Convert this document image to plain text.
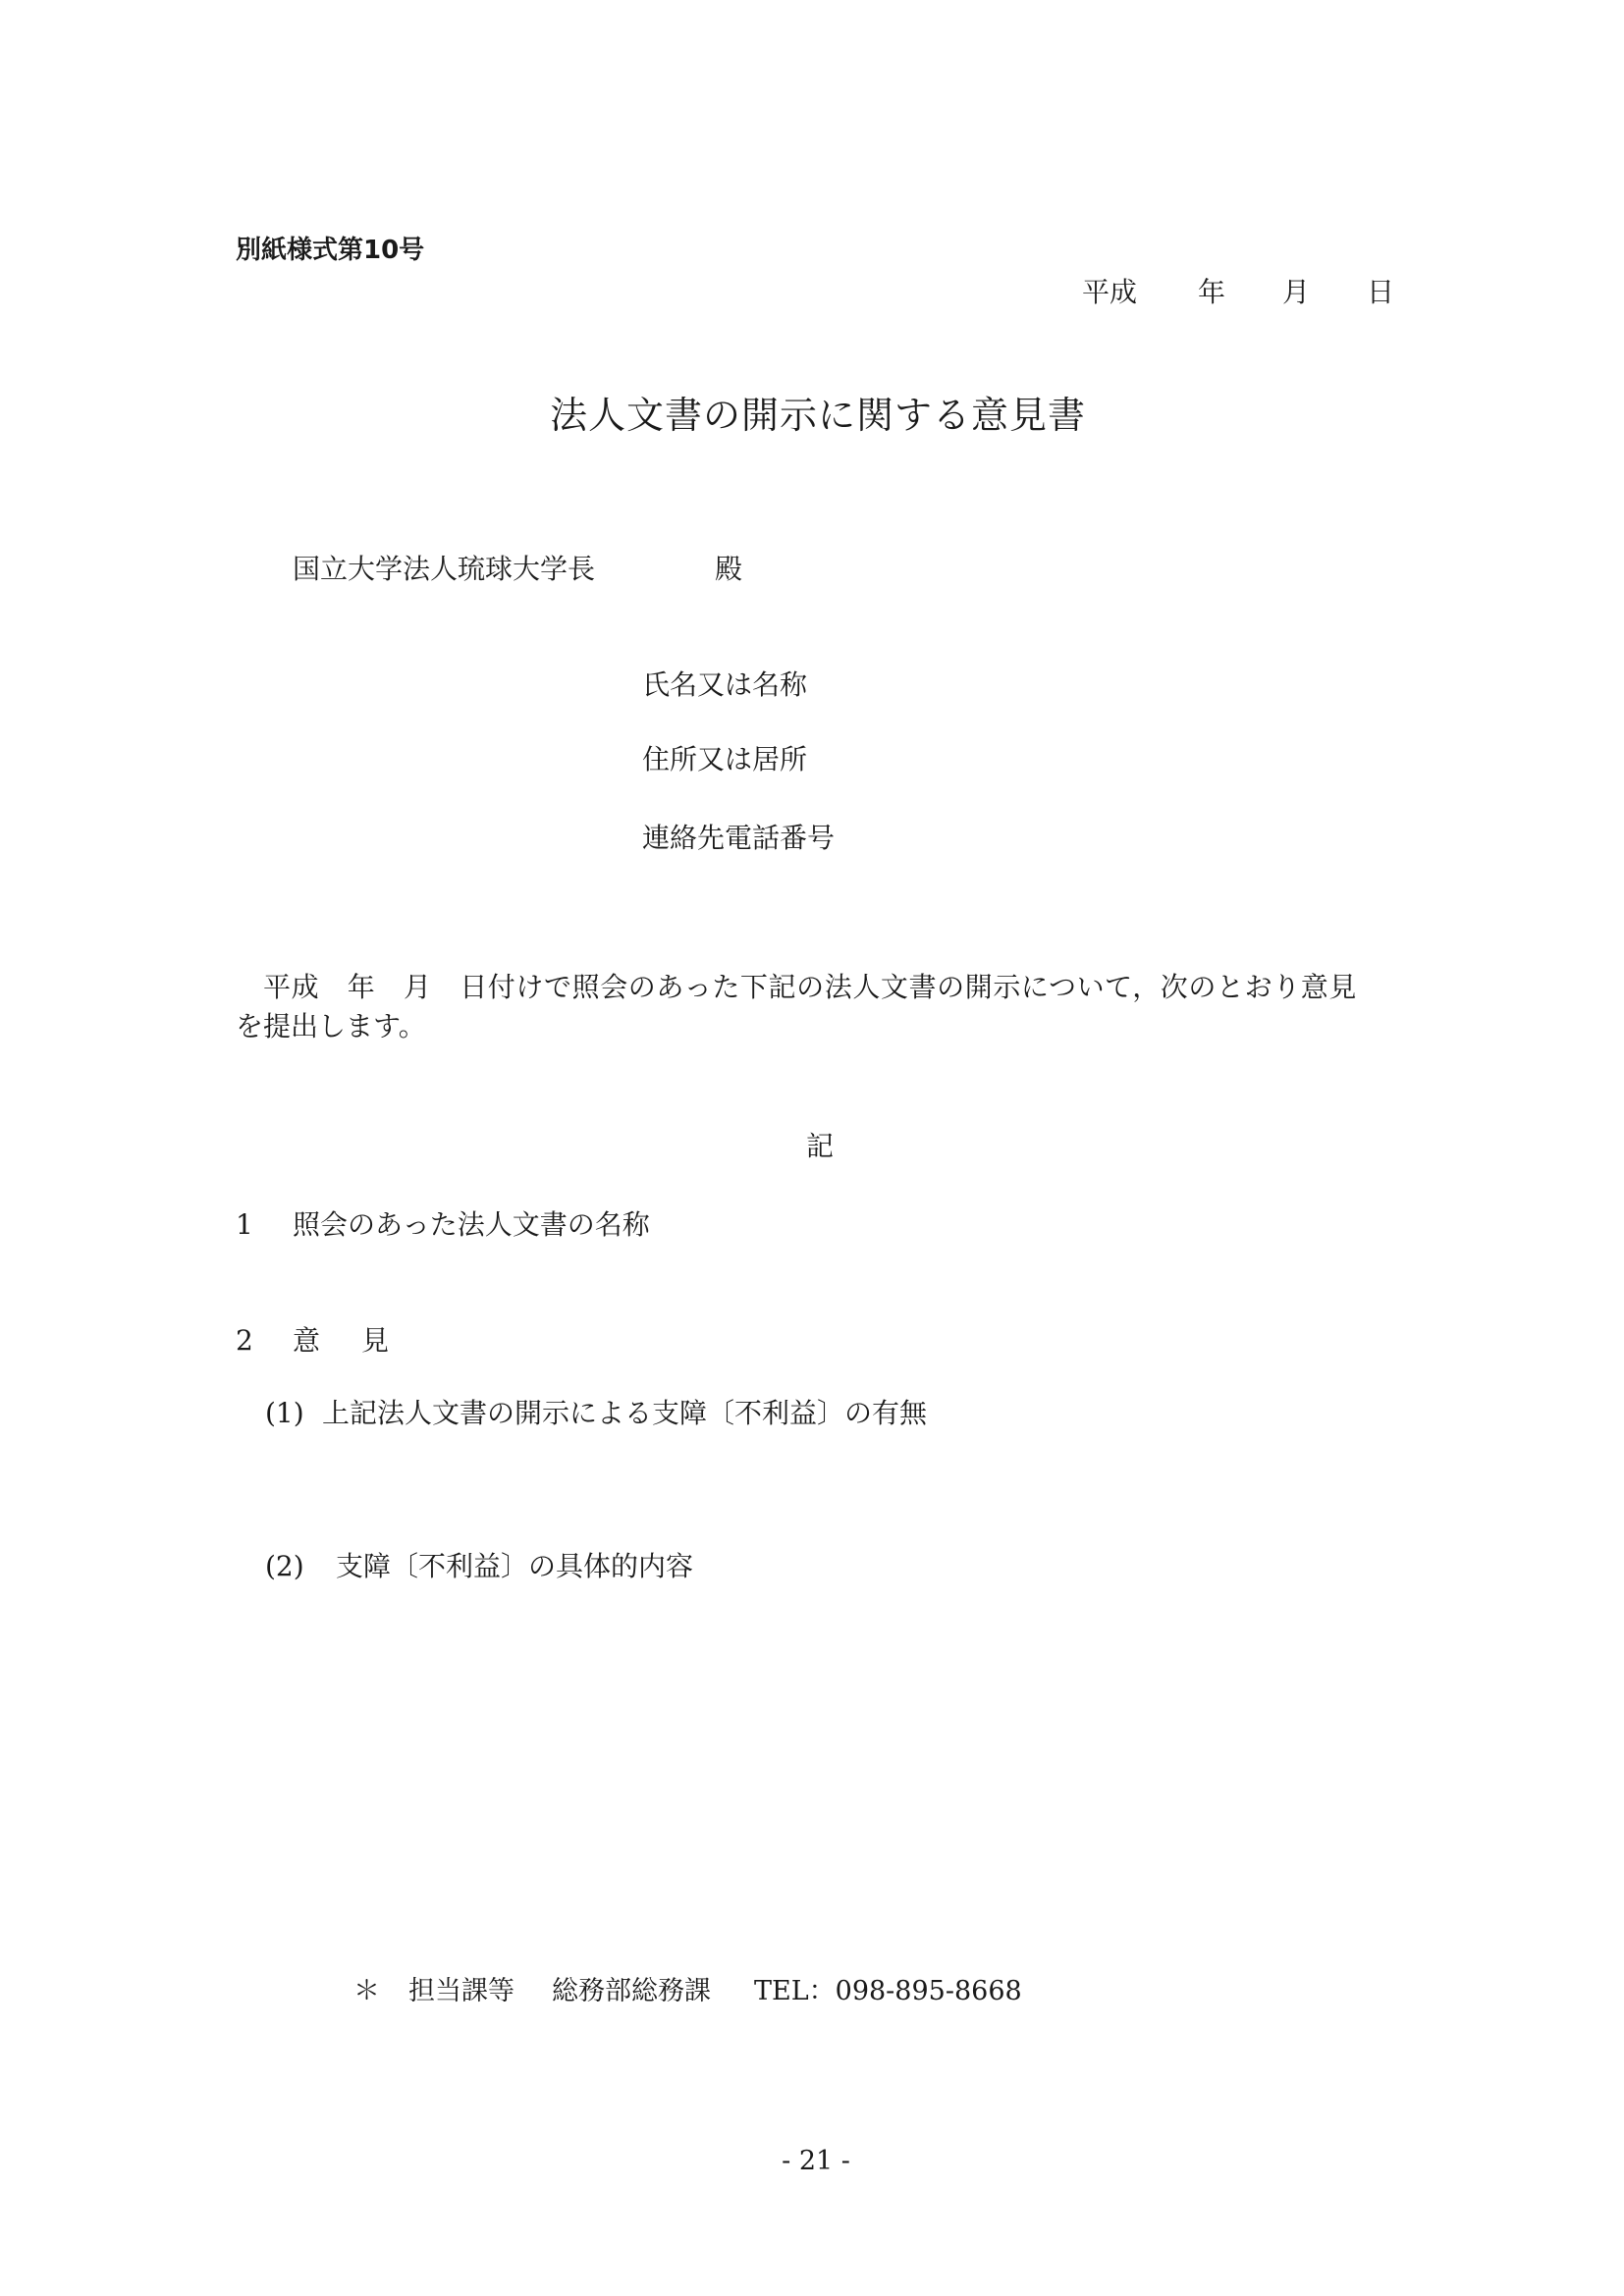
別紙様式第10号
平成 年 月 日
法人文書の開示に関する意見書
国立大学法人琉球大学長	殿
氏名又は名称
住所又は居所
連絡先電話番号
平成　年　月　日付けで照会のあった下記の法人文書の開示について，次のとおり意見
を提出します。
記
1 照会のあった法人文書の名称
2 意 見
(1) 上記法人文書の開示による支障〔不利益〕の有無
(2) 支障〔不利益〕の具体的内容
＊ 担当課等 総務部総務課 TEL：098-895-8668
- 21 -
